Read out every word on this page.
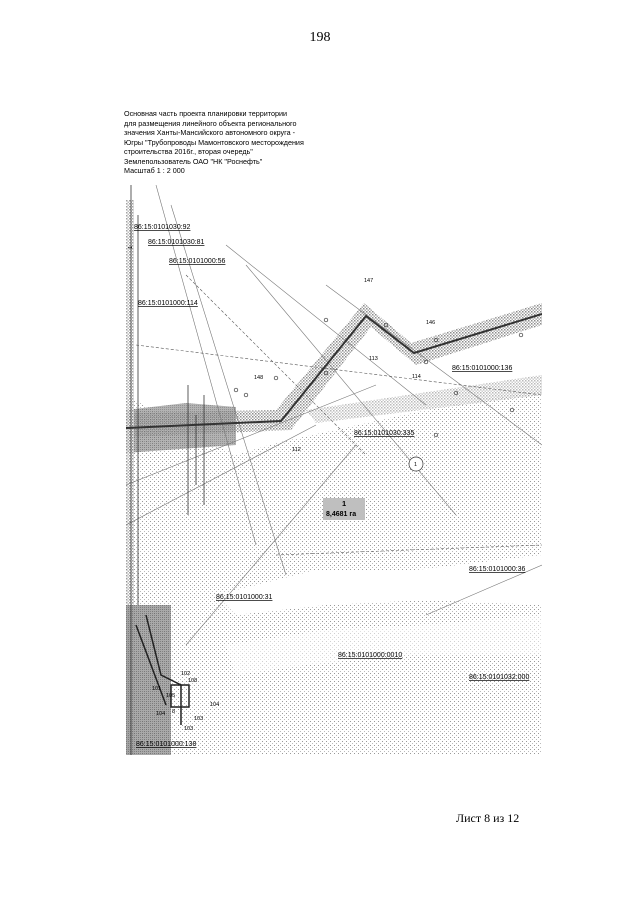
198
Основная часть проекта планировки территории
для размещения линейного объекта регионального
значения Ханты-Мансийского автономного округа -
Югры "Трубопроводы Мамонтовского месторождения
строительства 2016г., вторая очередь"
Землепользователь ОАО "НК "Роснефть"
Масштаб 1 : 2 000
86:15:0101030:92
86:15:0101030:81
86:15:0101000:56
86:15:0101000:114
86:15:0101000:136
86:15:0101030:335
86:15:0101000:36
86:15:0101000:31
86:15:0101000:0010
86:15:0101032:000
86:15:0101000:138
147
146
113
114
148
112
1
108
104
105
103
101
102
103
104 8
1
1
8,4681 га
Лист 8 из 12
